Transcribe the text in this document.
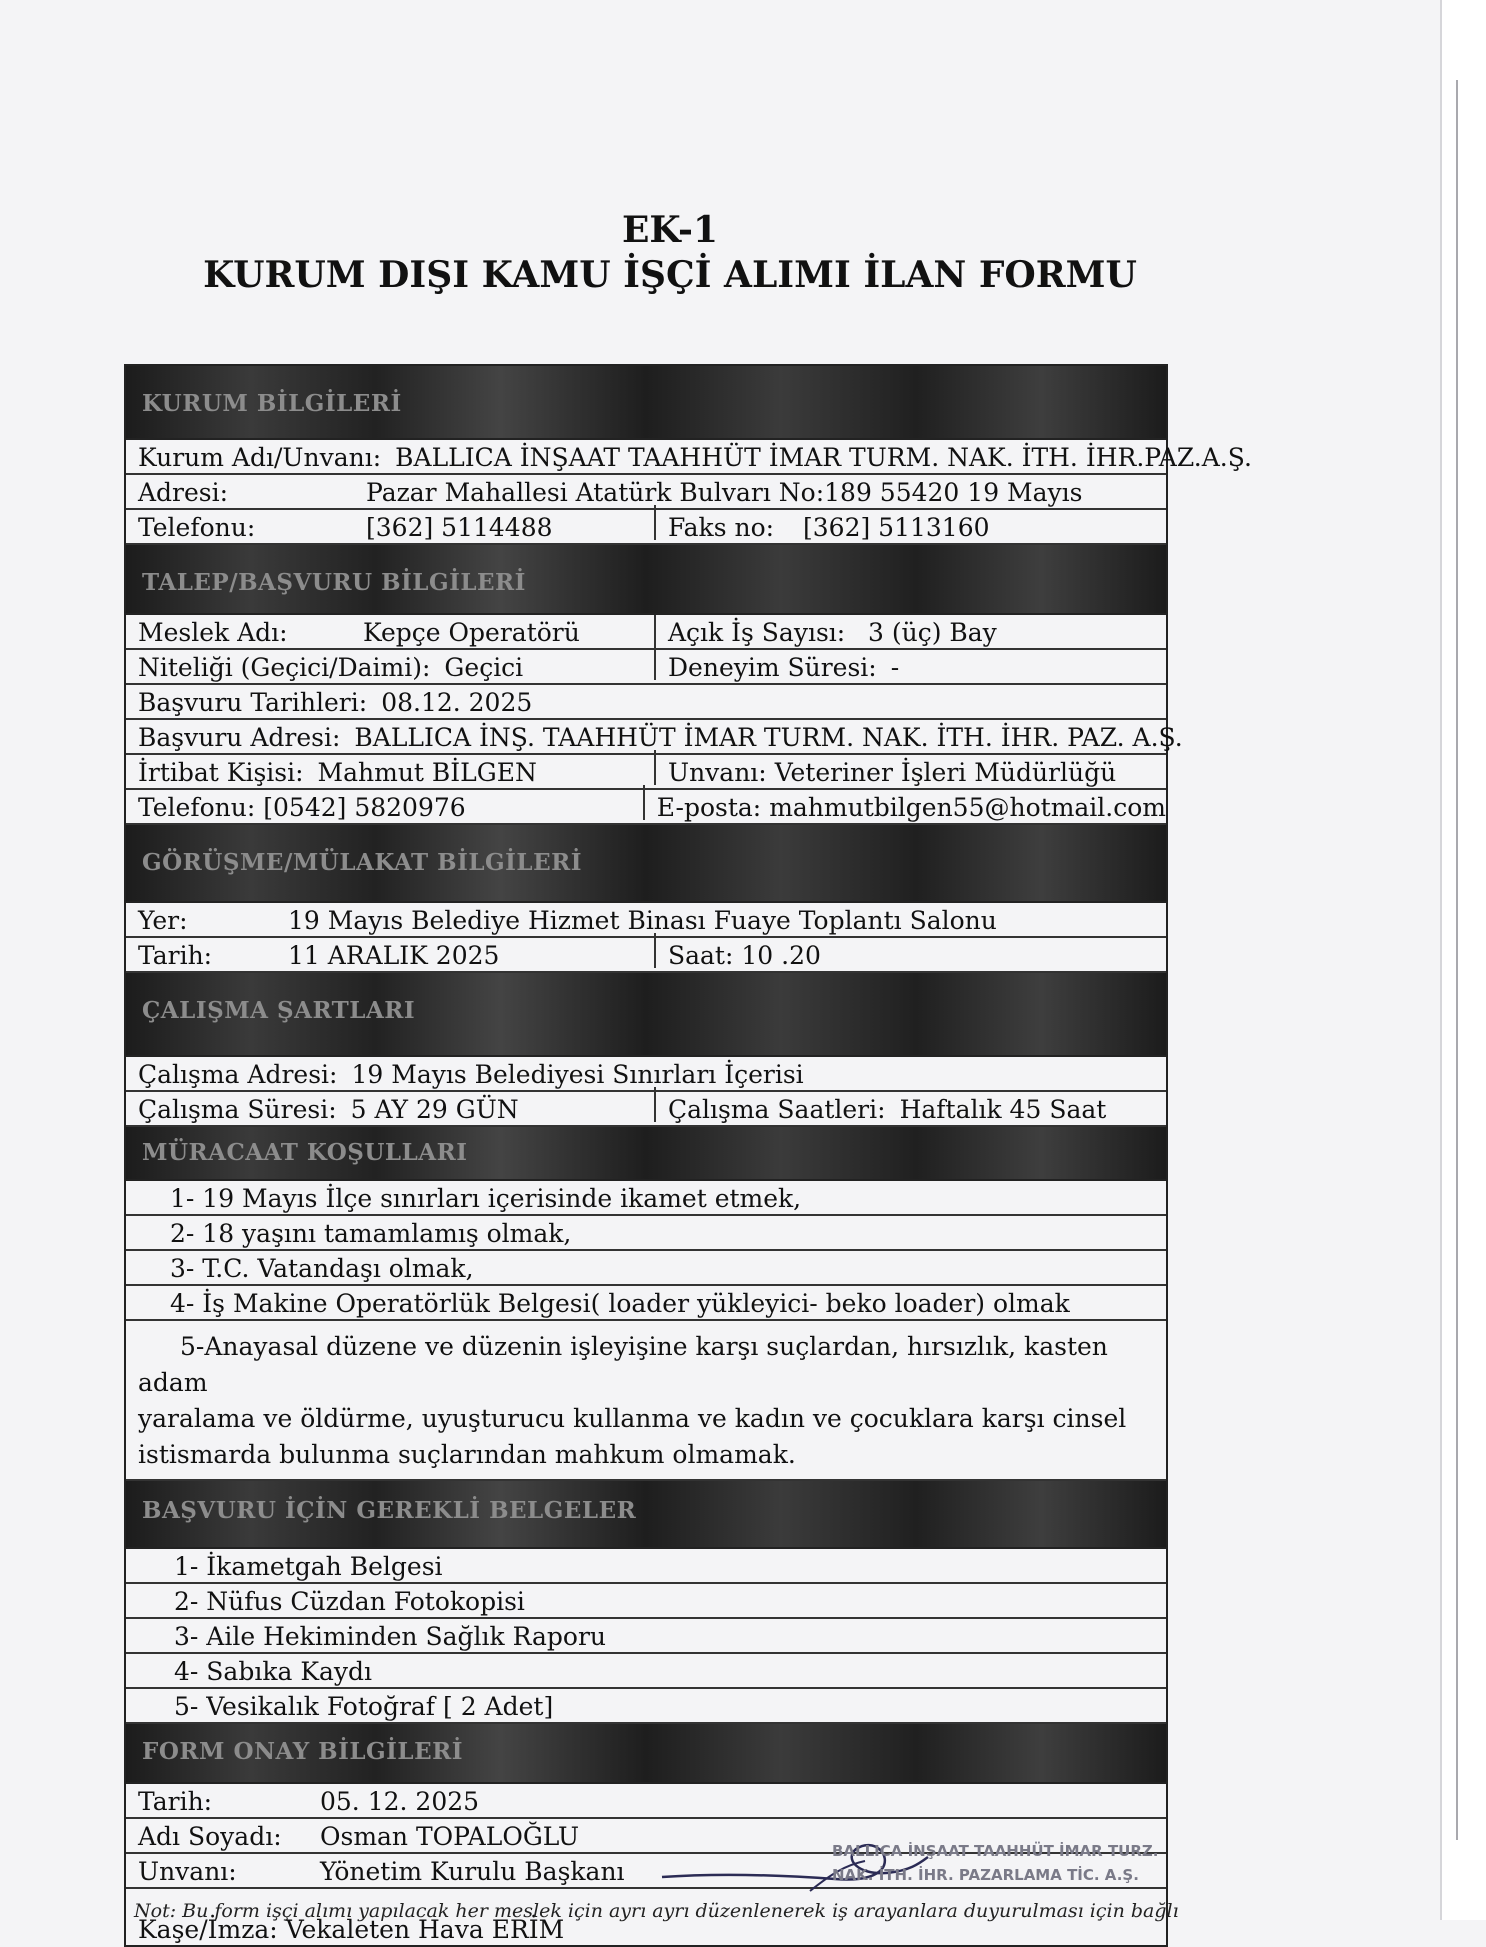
EK-1
KURUM DIŞI KAMU İŞÇİ ALIMI İLAN FORMU
KURUM BİLGİLERİ
Kurum Adı/Unvanı: BALLICA İNŞAAT TAAHHÜT İMAR TURM. NAK. İTH. İHR.PAZ.A.Ş.
Adresi:	Pazar Mahallesi Atatürk Bulvarı No:189 55420 19 Mayıs
Telefonu:	[362] 5114488	Faks no: [362] 5113160
TALEP/BAŞVURU BİLGİLERİ
Meslek Adı:	Kepçe Operatörü	Açık İş Sayısı: 3 (üç) Bay
Niteliği (Geçici/Daimi): Geçici	Deneyim Süresi: -
Başvuru Tarihleri: 08.12. 2025
Başvuru Adresi: BALLICA İNŞ. TAAHHÜT İMAR TURM. NAK. İTH. İHR. PAZ. A.Ş.
İrtibat Kişisi: Mahmut BİLGEN	Unvanı: Veteriner İşleri Müdürlüğü
Telefonu: [0542] 5820976	E-posta: mahmutbilgen55@hotmail.com
GÖRÜŞME/MÜLAKAT BİLGİLERİ
Yer:	19 Mayıs Belediye Hizmet Binası Fuaye Toplantı Salonu
Tarih:	11 ARALIK 2025	Saat: 10 .20
ÇALIŞMA ŞARTLARI
Çalışma Adresi: 19 Mayıs Belediyesi Sınırları İçerisi
Çalışma Süresi: 5 AY 29 GÜN	Çalışma Saatleri: Haftalık 45 Saat
MÜRACAAT KOŞULLARI
1- 19 Mayıs İlçe sınırları içerisinde ikamet etmek,
2- 18 yaşını tamamlamış olmak,
3- T.C. Vatandaşı olmak,
4- İş Makine Operatörlük Belgesi( loader yükleyici- beko loader) olmak

5-Anayasal düzene ve düzenin işleyişine karşı suçlardan, hırsızlık, kasten adam

yaralama ve öldürme, uyuşturucu kullanma ve kadın ve çocuklara karşı cinsel

istismarda bulunma suçlarından mahkum olmamak.

BAŞVURU İÇİN GEREKLİ BELGELER
1- İkametgah Belgesi
2- Nüfus Cüzdan Fotokopisi
3- Aile Hekiminden Sağlık Raporu
4- Sabıka Kaydı
5- Vesikalık Fotoğraf [ 2 Adet]
FORM ONAY BİLGİLERİ
Tarih:	05. 12. 2025
Adı Soyadı: Osman TOPALOĞLU
Unvanı:	Yönetim Kurulu Başkanı
Kaşe/İmza: Vekaleten Hava ERİM
BALLICA İNŞAAT TAAHHÜT İMAR TURZ.
NAK. İTH. İHR. PAZARLAMA TİC. A.Ş.
Not: Bu form işçi alımı yapılacak her meslek için ayrı ayrı düzenlenerek iş arayanlara duyurulması için bağlı
